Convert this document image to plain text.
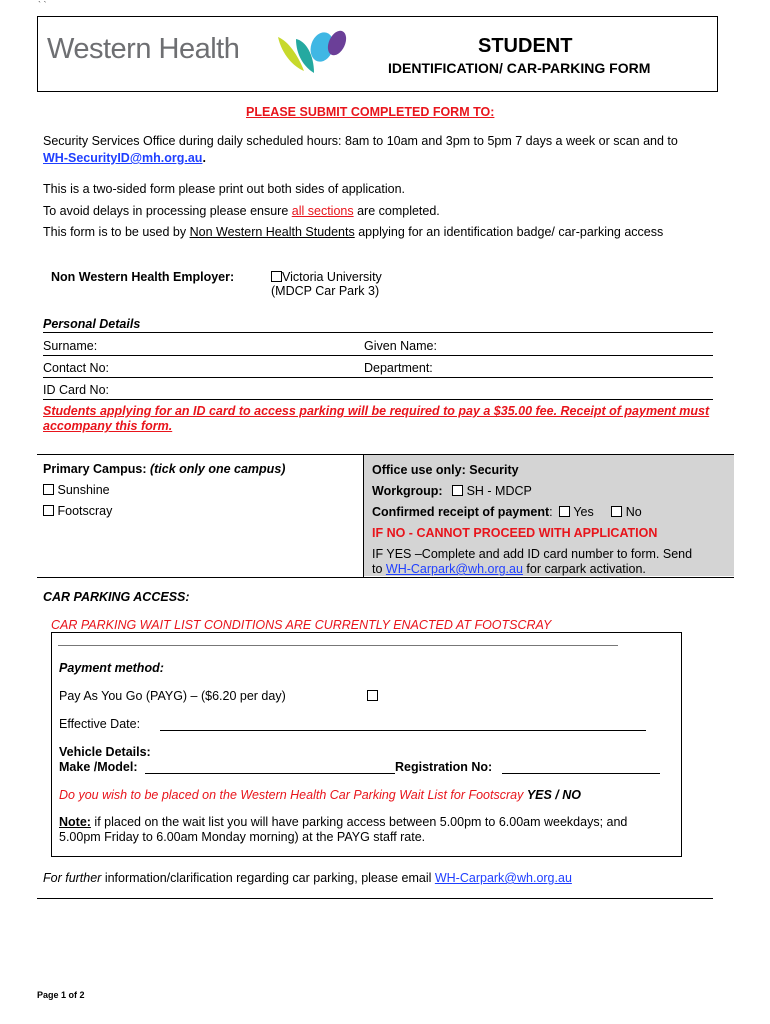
` `
Western Health	STUDENT
IDENTIFICATION/ CAR-PARKING FORM
PLEASE SUBMIT COMPLETED FORM TO:
Security Services Office during daily scheduled hours: 8am to 10am and 3pm to 5pm 7 days a week or scan and to
WH-SecurityID@mh.org.au.
This is a two-sided form please print out both sides of application.
To avoid delays in processing please ensure all sections are completed.
This form is to be used by Non Western Health Students applying for an identification badge/ car-parking access
Non Western Health Employer:	Victoria University
(MDCP Car Park 3)
Personal Details
Surname:	Given Name:
Contact No:	Department:
ID Card No:
Students applying for an ID card to access parking will be required to pay a $35.00 fee. Receipt of payment must accompany this form.
Primary Campus: (tick only one campus)
Sunshine
Footscray
Office use only: Security
Workgroup: SH - MDCP
Confirmed receipt of payment: Yes	No
IF NO - CANNOT PROCEED WITH APPLICATION
IF YES –Complete and add ID card number to form. Send
to WH-Carpark@wh.org.au for carpark activation.
CAR PARKING ACCESS:
CAR PARKING WAIT LIST CONDITIONS ARE CURRENTLY ENACTED AT FOOTSCRAY
Payment method:
Pay As You Go (PAYG) – ($6.20 per day)
Effective Date:
Vehicle Details:
Make /Model:	Registration No:
Do you wish to be placed on the Western Health Car Parking Wait List for Footscray YES / NO
Note: if placed on the wait list you will have parking access between 5.00pm to 6.00am weekdays; and
5.00pm Friday to 6.00am Monday morning) at the PAYG staff rate.
For further information/clarification regarding car parking, please email WH-Carpark@wh.org.au
Page 1 of 2
